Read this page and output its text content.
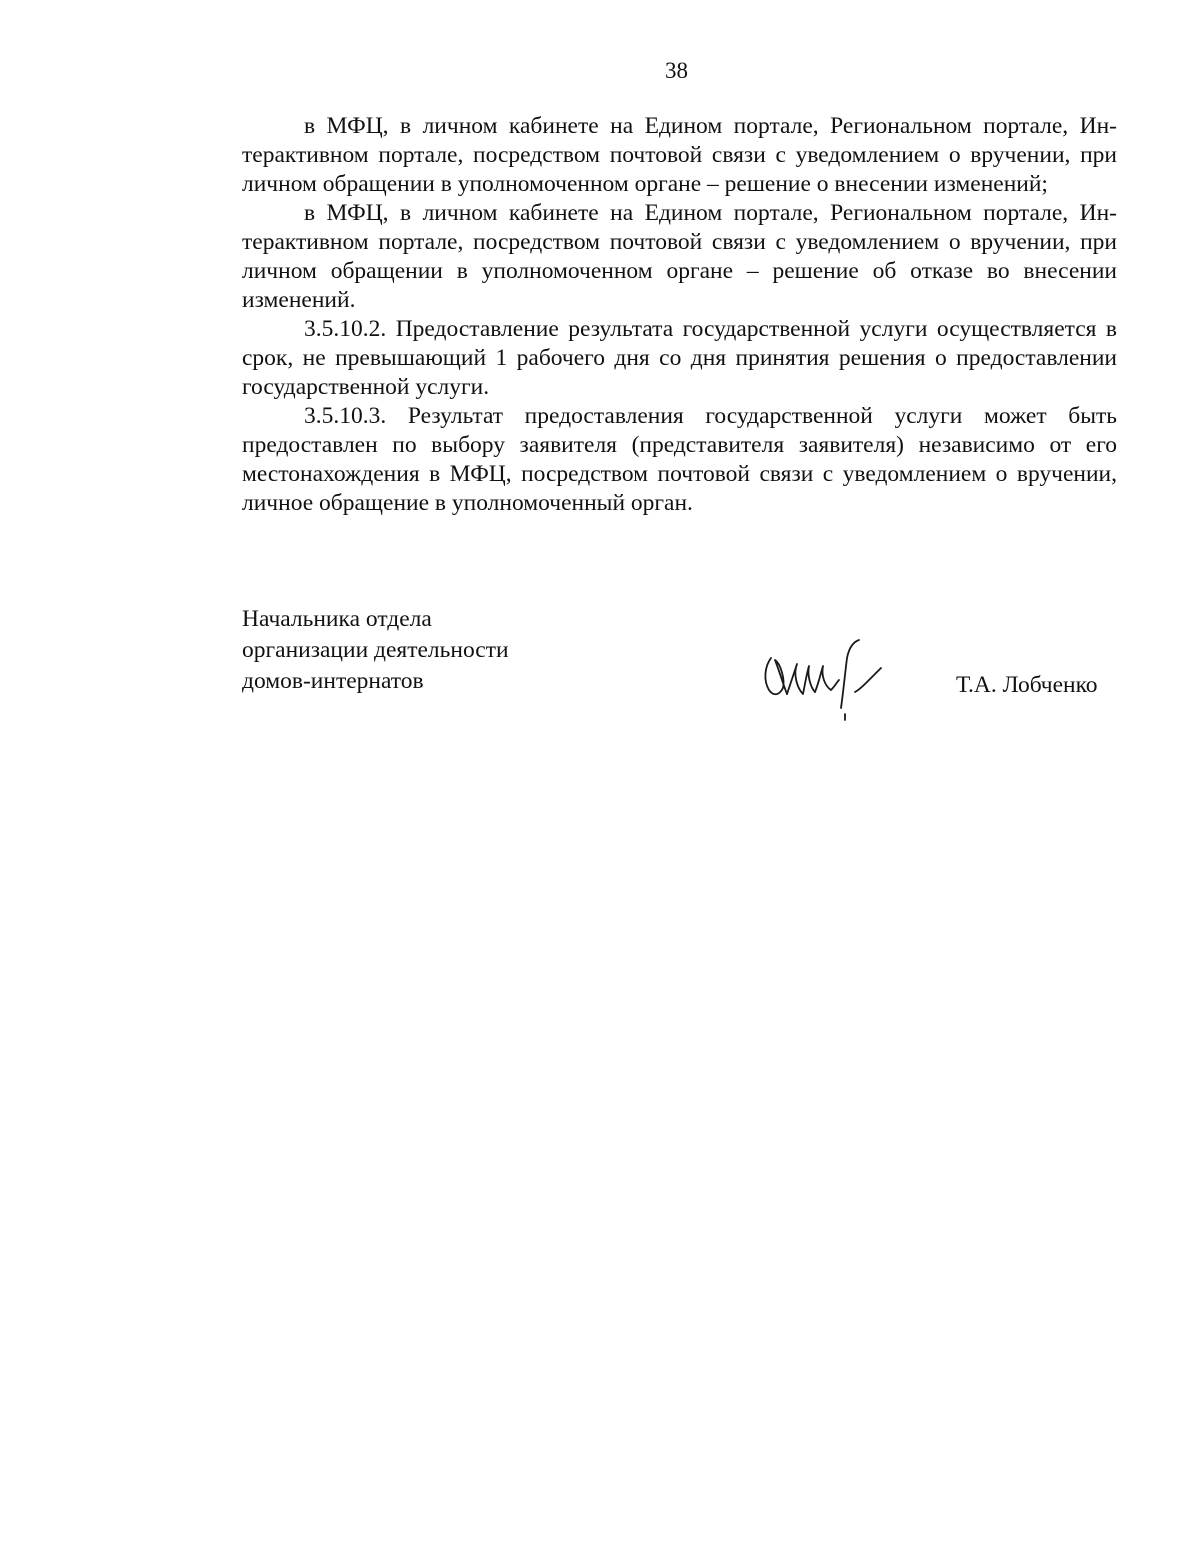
38

в МФЦ, в личном кабинете на Едином портале, Региональном портале, Интерактивном портале, посредством почтовой связи с уведомлением о вручении, при личном обращении в уполномоченном органе – решение о внесении изменений;

в МФЦ, в личном кабинете на Едином портале, Региональном портале, Интерактивном портале, посредством почтовой связи с уведомлением о вручении, при личном обращении в уполномоченном органе – решение об отказе во внесении изменений.

3.5.10.2. Предоставление результата государственной услуги осуществляется в срок, не превышающий 1 рабочего дня со дня принятия решения о предоставлении государственной услуги.

3.5.10.3. Результат предоставления государственной услуги может быть предоставлен по выбору заявителя (представителя заявителя) независимо от его местонахождения в МФЦ, посредством почтовой связи с уведомлением о вручении, личное обращение в уполномоченный орган.

Начальника отдела
организации деятельности
домов-интернатов	Т.А. Лобченко
